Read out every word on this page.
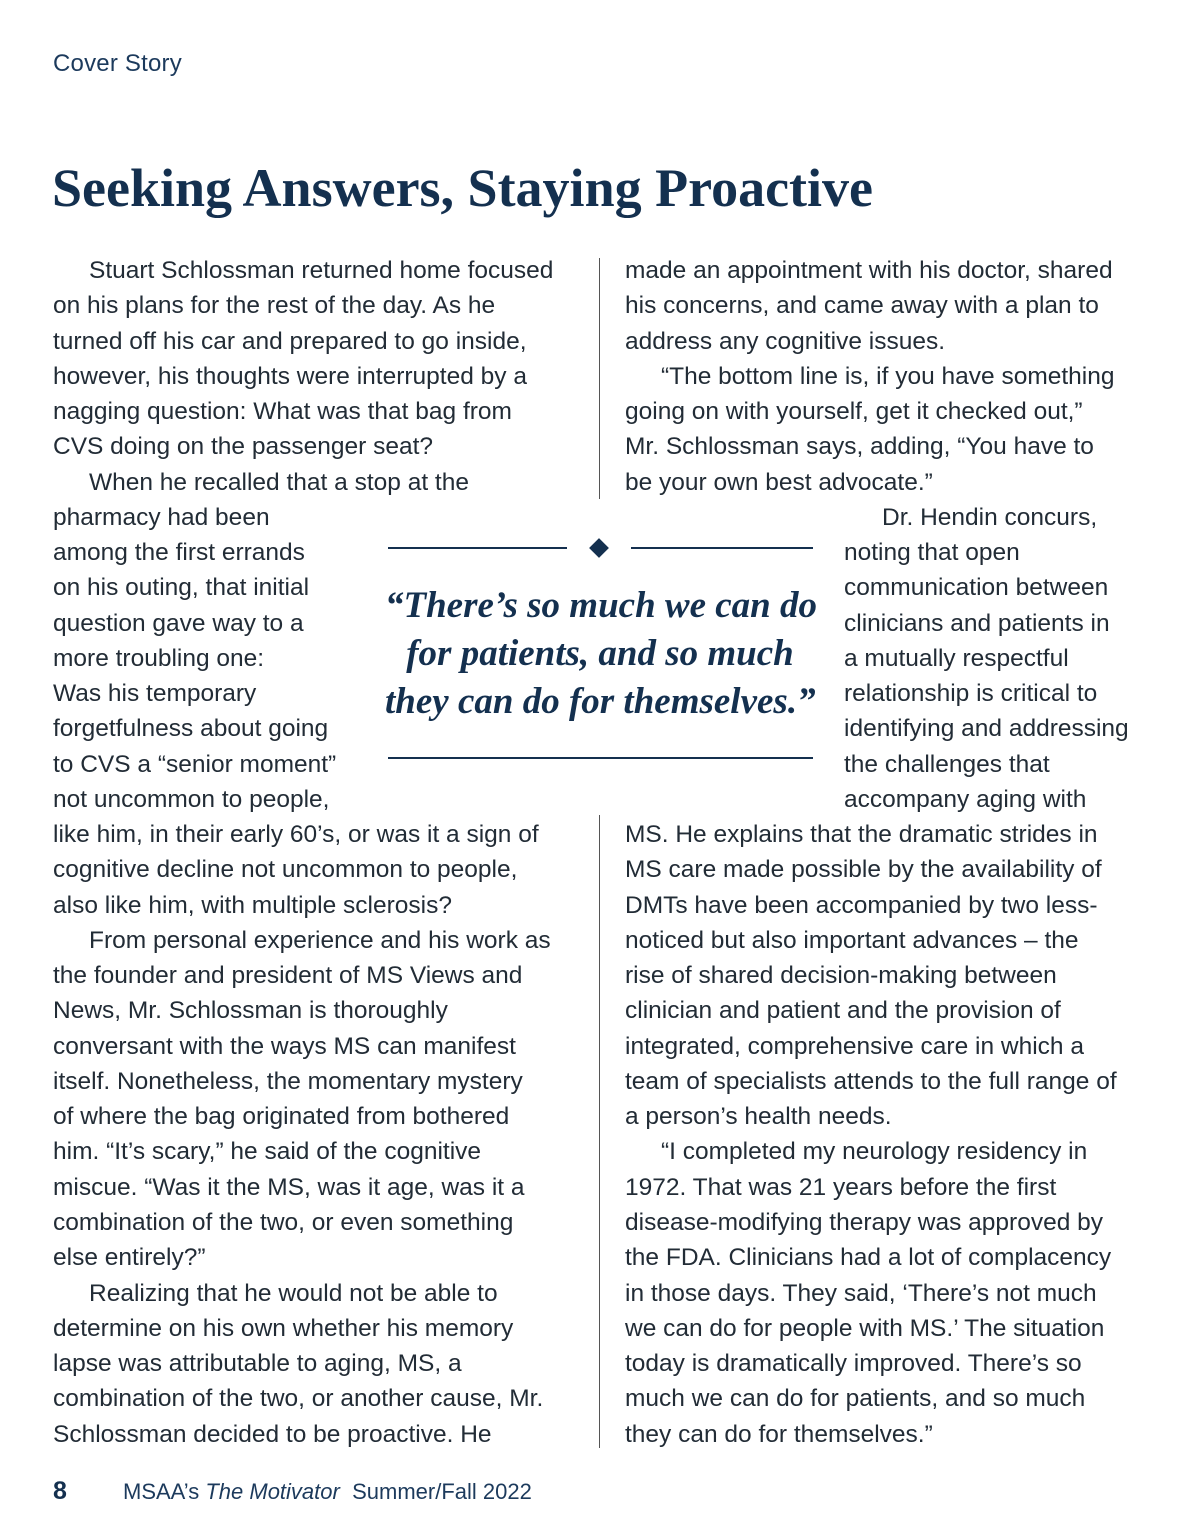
Cover Story
Seeking Answers, Staying Proactive

Stuart Schlossman returned home focused

on his plans for the rest of the day. As he

turned off his car and prepared to go inside,

however, his thoughts were interrupted by a

nagging question: What was that bag from

CVS doing on the passenger seat?

When he recalled that a stop at the

pharmacy had been

among the first errands

on his outing, that initial

question gave way to a

more troubling one:

Was his temporary

forgetfulness about going

to CVS a “senior moment”

not uncommon to people,

like him, in their early 60’s, or was it a sign of

cognitive decline not uncommon to people,

also like him, with multiple sclerosis?

From personal experience and his work as

the founder and president of MS Views and

News, Mr. Schlossman is thoroughly

conversant with the ways MS can manifest

itself. Nonetheless, the momentary mystery

of where the bag originated from bothered

him. “It’s scary,” he said of the cognitive

miscue. “Was it the MS, was it age, was it a

combination of the two, or even something

else entirely?”

Realizing that he would not be able to

determine on his own whether his memory

lapse was attributable to aging, MS, a

combination of the two, or another cause, Mr.

Schlossman decided to be proactive. He

made an appointment with his doctor, shared

his concerns, and came away with a plan to

address any cognitive issues.

“The bottom line is, if you have something

going on with yourself, get it checked out,”

Mr. Schlossman says, adding, “You have to

be your own best advocate.”

Dr. Hendin concurs,

noting that open

communication between

clinicians and patients in

a mutually respectful

relationship is critical to

identifying and addressing

the challenges that

accompany aging with

MS. He explains that the dramatic strides in

MS care made possible by the availability of

DMTs have been accompanied by two less-

noticed but also important advances – the

rise of shared decision-making between

clinician and patient and the provision of

integrated, comprehensive care in which a

team of specialists attends to the full range of

a person’s health needs.

“I completed my neurology residency in

1972. That was 21 years before the first

disease-modifying therapy was approved by

the FDA. Clinicians had a lot of complacency

in those days. They said, ‘There’s not much

we can do for people with MS.’ The situation

today is dramatically improved. There’s so

much we can do for patients, and so much

they can do for themselves.”

“There’s so much we can do
for patients, and so much
they can do for themselves.”
8	MSAA’s The Motivator Summer/Fall 2022
